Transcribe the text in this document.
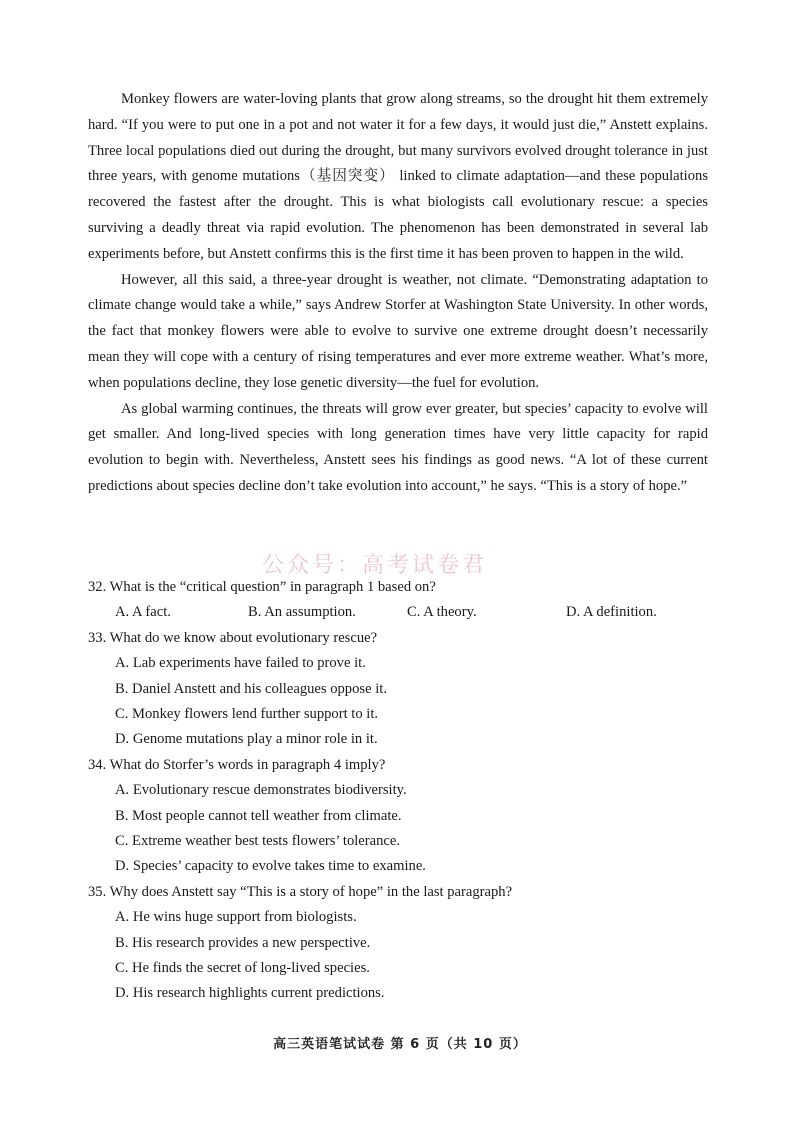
Monkey flowers are water-loving plants that grow along streams, so the drought hit them extremely hard. “If you were to put one in a pot and not water it for a few days, it would just die,” Anstett explains. Three local populations died out during the drought, but many survivors evolved drought tolerance in just three years, with genome mutations（基因突变） linked to climate adaptation—and these populations recovered the fastest after the drought. This is what biologists call evolutionary rescue: a species surviving a deadly threat via rapid evolution. The phenomenon has been demonstrated in several lab experiments before, but Anstett confirms this is the first time it has been proven to happen in the wild.

However, all this said, a three-year drought is weather, not climate. “Demonstrating adaptation to climate change would take a while,” says Andrew Storfer at Washington State University. In other words, the fact that monkey flowers were able to evolve to survive one extreme drought doesn’t necessarily mean they will cope with a century of rising temperatures and ever more extreme weather. What’s more, when populations decline, they lose genetic diversity—the fuel for evolution.

As global warming continues, the threats will grow ever greater, but species’ capacity to evolve will get smaller. And long-lived species with long generation times have very little capacity for rapid evolution to begin with. Nevertheless, Anstett sees his findings as good news. “A lot of these current predictions about species decline don’t take evolution into account,” he says. “This is a story of hope.”

公众号：高考试卷君
32. What is the “critical question” in paragraph 1 based on?
A. A fact.	B. An assumption.	C. A theory.	D. A definition.
33. What do we know about evolutionary rescue?
A. Lab experiments have failed to prove it.
B. Daniel Anstett and his colleagues oppose it.
C. Monkey flowers lend further support to it.
D. Genome mutations play a minor role in it.
34. What do Storfer’s words in paragraph 4 imply?
A. Evolutionary rescue demonstrates biodiversity.
B. Most people cannot tell weather from climate.
C. Extreme weather best tests flowers’ tolerance.
D. Species’ capacity to evolve takes time to examine.
35. Why does Anstett say “This is a story of hope” in the last paragraph?
A. He wins huge support from biologists.
B. His research provides a new perspective.
C. He finds the secret of long-lived species.
D. His research highlights current predictions.
高三英语笔试试卷 第 6 页（共 10 页）
